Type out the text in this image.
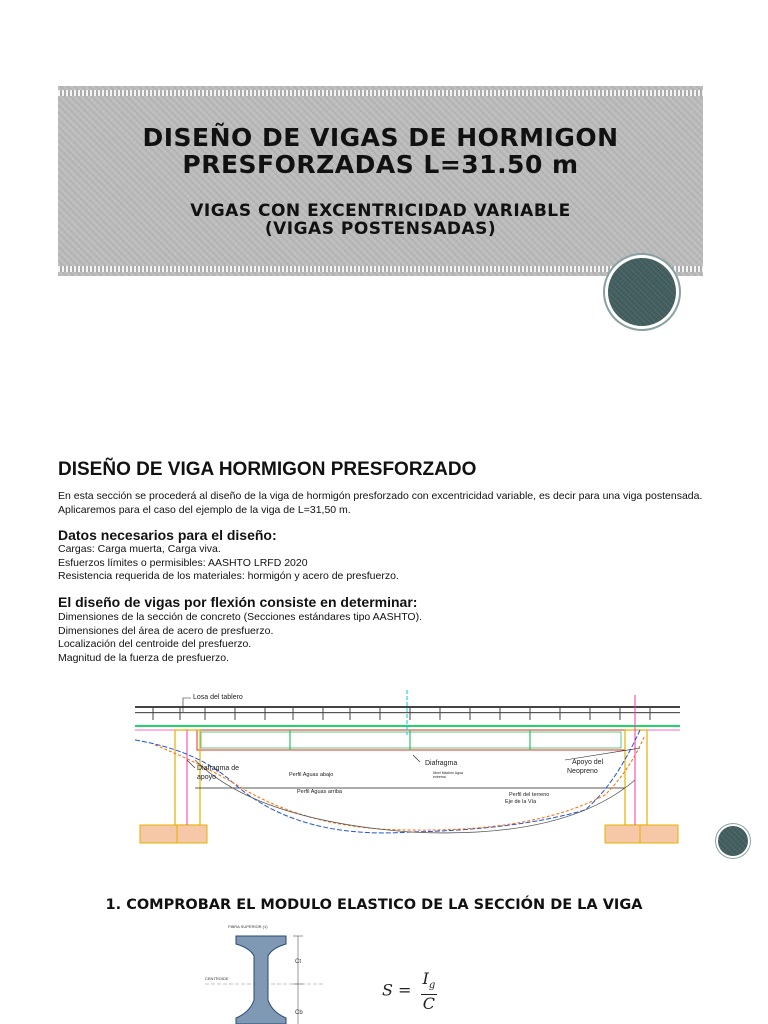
DISEÑO DE VIGAS DE HORMIGON
PRESFORZADAS L=31.50 m
VIGAS CON EXCENTRICIDAD VARIABLE
(VIGAS POSTENSADAS)
DISEÑO DE VIGA HORMIGON PRESFORZADO
En esta sección se procederá al diseño de la viga de hormigón presforzado con excentricidad variable, es decir para una viga postensada. Aplicaremos para el caso del ejemplo de la viga de L=31,50 m.
Datos necesarios para el diseño:
Cargas: Carga muerta, Carga viva.
Esfuerzos límites o permisibles: AASHTO LRFD 2020
Resistencia requerida de los materiales: hormigón y acero de presfuerzo.
El diseño de vigas por flexión consiste en determinar:
Dimensiones de la sección de concreto (Secciones estándares tipo AASHTO).
Dimensiones del área de acero de presfuerzo.
Localización del centroide del presfuerzo.
Magnitud de la fuerza de presfuerzo.
Losa del tablero
Diafragma de
apoyo	Perfil Aguas abajo
Perfil Aguas arriba
Diafragma
Nivel Máximo Agua
extrema
Apoyo del
Neopreno
Perfil del terreno
Eje de la Vía
1. COMPROBAR EL MODULO ELASTICO DE LA SECCIÓN DE LA VIGA
FIBRA SUPERIOR (1)
CENTROIDE
Ct
Cb
$S = \frac{I_g}{C}$
